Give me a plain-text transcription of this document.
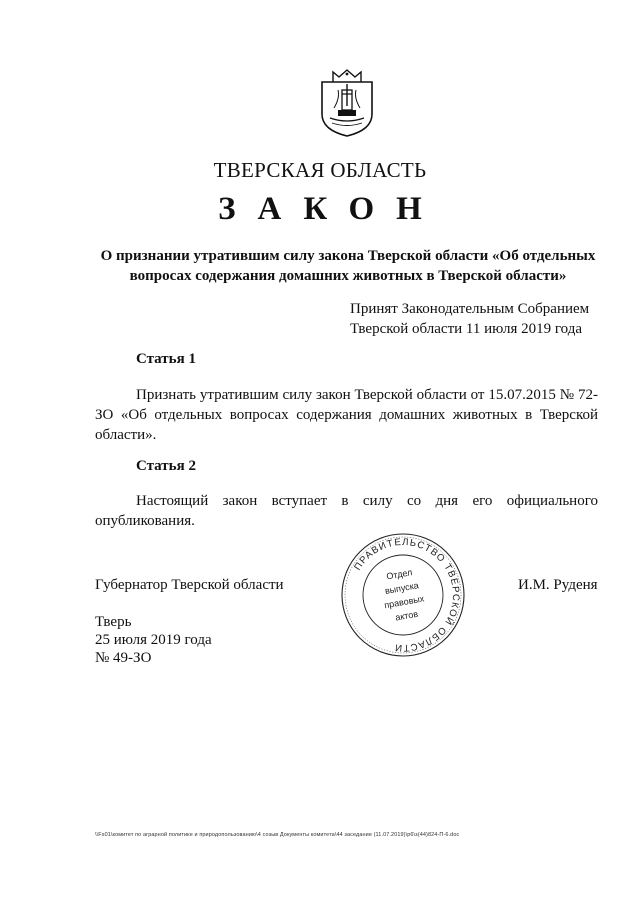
ТВЕРСКАЯ ОБЛАСТЬ
ЗАКОН

О признании утратившим силу закона Тверской области «Об отдельных вопросах содержания домашних животных в Тверской области»

Принят Законодательным Собранием
Тверской области 11 июля 2019 года
Статья 1

Признать утратившим силу закон Тверской области от 15.07.2015 № 72-ЗО «Об отдельных вопросах содержания домашних животных в Тверской области».

Статья 2

Настоящий закон вступает в силу со дня его официального опубликования.

Губернатор Тверской области	И.М. Руденя
ПРАВИТЕЛЬСТВО ТВЕРСКОЙ ОБЛАСТИ
Отдел
выпуска
правовых
актов
Тверь
25 июля 2019 года
№ 49-ЗО
\\Fs01\комитет по аграрной политике и природопользованию\4 созыв Документы комитета\44 заседание (11.07.2019)\p6\з(44)824-П-6.doc
